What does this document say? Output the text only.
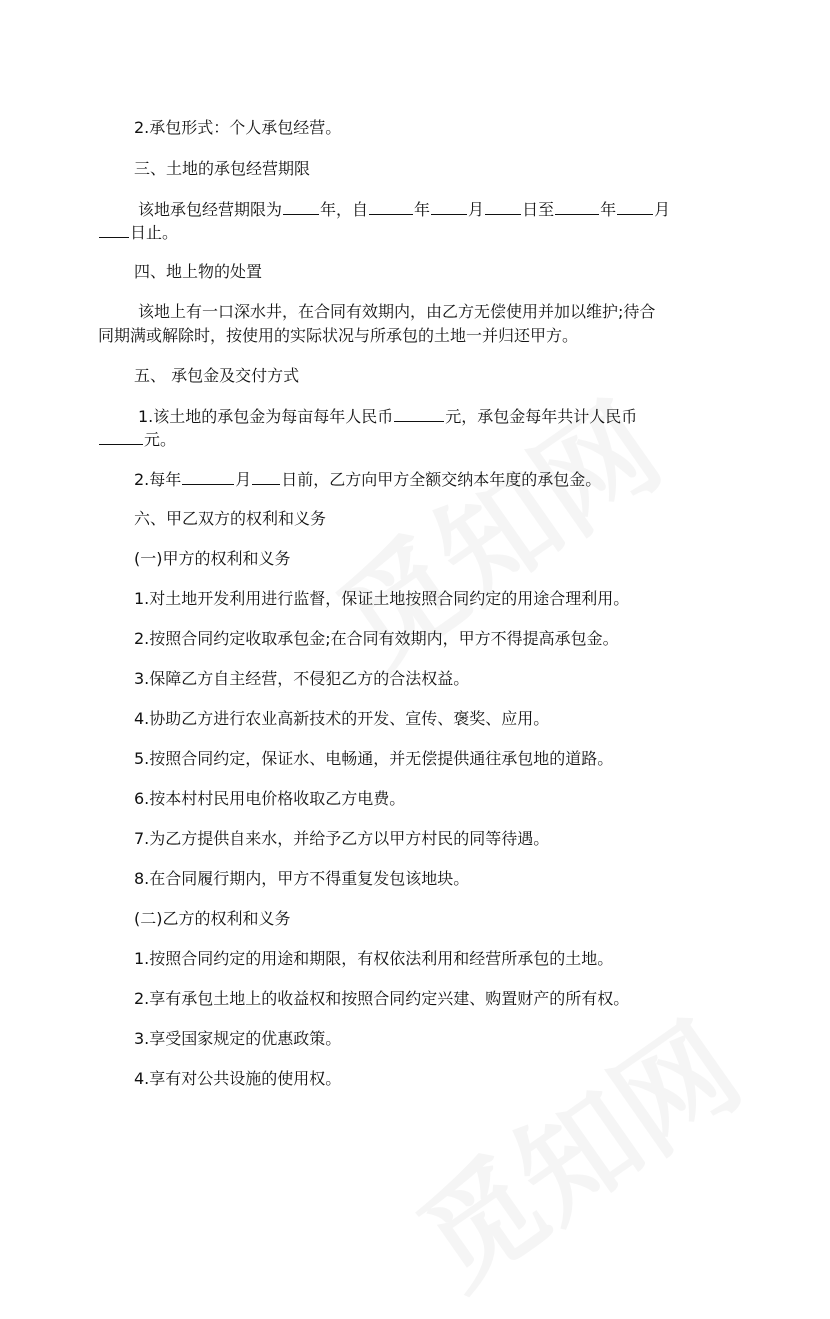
2.承包形式：个人承包经营。

三、土地的承包经营期限

该地承包经营期限为 年，自	年 月 日至	年 月

日止。

四、地上物的处置

该地上有一口深水井，在合同有效期内，由乙方无偿使用并加以维护;待合

同期满或解除时，按使用的实际状况与所承包的土地一并归还甲方。

五、 承包金及交付方式

1.该土地的承包金为每亩每年人民币	元，承包金每年共计人民币

元。

2.每年	月 日前，乙方向甲方全额交纳本年度的承包金。

六、甲乙双方的权利和义务

(一)甲方的权利和义务

1.对土地开发利用进行监督，保证土地按照合同约定的用途合理利用。

2.按照合同约定收取承包金;在合同有效期内，甲方不得提高承包金。

3.保障乙方自主经营，不侵犯乙方的合法权益。

4.协助乙方进行农业高新技术的开发、宣传、褒奖、应用。

5.按照合同约定，保证水、电畅通，并无偿提供通往承包地的道路。

6.按本村村民用电价格收取乙方电费。

7.为乙方提供自来水，并给予乙方以甲方村民的同等待遇。

8.在合同履行期内，甲方不得重复发包该地块。

(二)乙方的权利和义务

1.按照合同约定的用途和期限，有权依法利用和经营所承包的土地。

2.享有承包土地上的收益权和按照合同约定兴建、购置财产的所有权。

3.享受国家规定的优惠政策。

4.享有对公共设施的使用权。
